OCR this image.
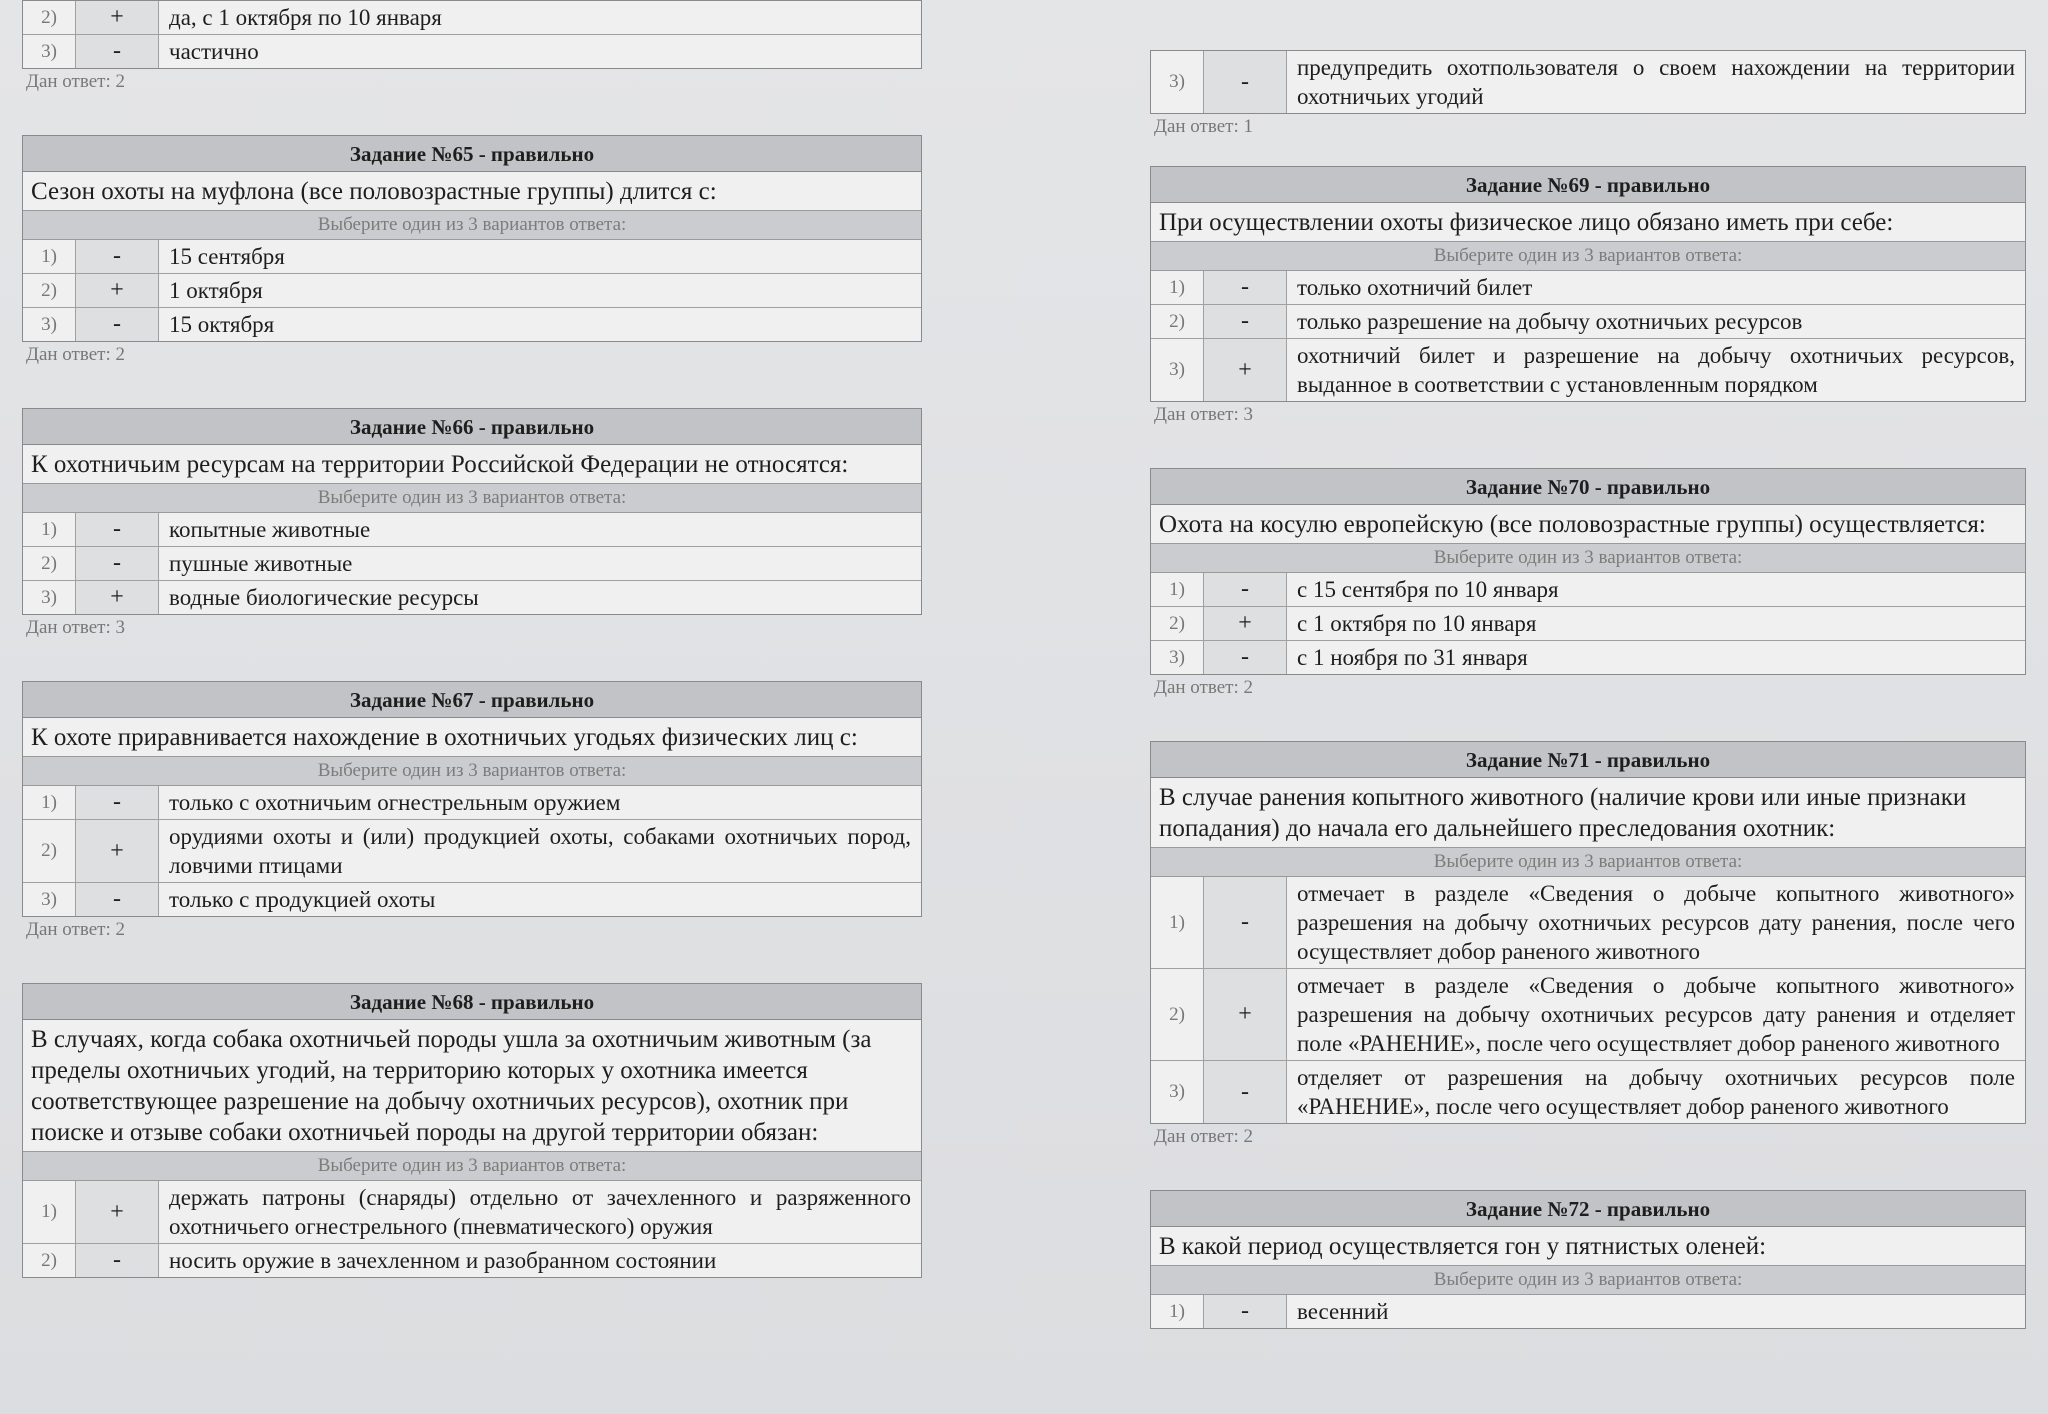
2)	+	да, с 1 октября по 10 января
3)	-	частично
Дан ответ: 2
Задание №65 - правильно
Сезон охоты на муфлона (все половозрастные группы) длится с:
Выберите один из 3 вариантов ответа:
1)	-	15 сентября
2)	+	1 октября
3)	-	15 октября
Дан ответ: 2
Задание №66 - правильно
К охотничьим ресурсам на территории Российской Федерации не относятся:
Выберите один из 3 вариантов ответа:
1)	-	копытные животные
2)	-	пушные животные
3)	+	водные биологические ресурсы
Дан ответ: 3
Задание №67 - правильно
К охоте приравнивается нахождение в охотничьих угодьях физических лиц с:
Выберите один из 3 вариантов ответа:
1)	-	только с охотничьим огнестрельным оружием
2)	+	орудиями охоты и (или) продукцией охоты, собаками охотничьих пород, ловчими птицами
3)	-	только с продукцией охоты
Дан ответ: 2
Задание №68 - правильно
В случаях, когда собака охотничьей породы ушла за охотничьим животным (за пределы охотничьих угодий, на территорию которых у охотника имеется соответствующее разрешение на добычу охотничьих ресурсов), охотник при поиске и отзыве собаки охотничьей породы на другой территории обязан:
Выберите один из 3 вариантов ответа:
1)	+	держать патроны (снаряды) отдельно от зачехленного и разряженного охотничьего огнестрельного (пневматического) оружия
2)	-	носить оружие в зачехленном и разобранном состоянии
3)	-	предупредить охотпользователя о своем нахождении на территории охотничьих угодий
Дан ответ: 1
Задание №69 - правильно
При осуществлении охоты физическое лицо обязано иметь при себе:
Выберите один из 3 вариантов ответа:
1)	-	только охотничий билет
2)	-	только разрешение на добычу охотничьих ресурсов
3)	+	охотничий билет и разрешение на добычу охотничьих ресурсов, выданное в соответствии с установленным порядком
Дан ответ: 3
Задание №70 - правильно
Охота на косулю европейскую (все половозрастные группы) осуществляется:
Выберите один из 3 вариантов ответа:
1)	-	с 15 сентября по 10 января
2)	+	с 1 октября по 10 января
3)	-	с 1 ноября по 31 января
Дан ответ: 2
Задание №71 - правильно
В случае ранения копытного животного (наличие крови или иные признаки попадания) до начала его дальнейшего преследования охотник:
Выберите один из 3 вариантов ответа:
1)	-	отмечает в разделе «Сведения о добыче копытного животного» разрешения на добычу охотничьих ресурсов дату ранения, после чего осуществляет добор раненого животного
2)	+	отмечает в разделе «Сведения о добыче копытного животного» разрешения на добычу охотничьих ресурсов дату ранения и отделяет поле «РАНЕНИЕ», после чего осуществляет добор раненого животного
3)	-	отделяет от разрешения на добычу охотничьих ресурсов поле «РАНЕНИЕ», после чего осуществляет добор раненого животного
Дан ответ: 2
Задание №72 - правильно
В какой период осуществляется гон у пятнистых оленей:
Выберите один из 3 вариантов ответа:
1)	-	весенний
